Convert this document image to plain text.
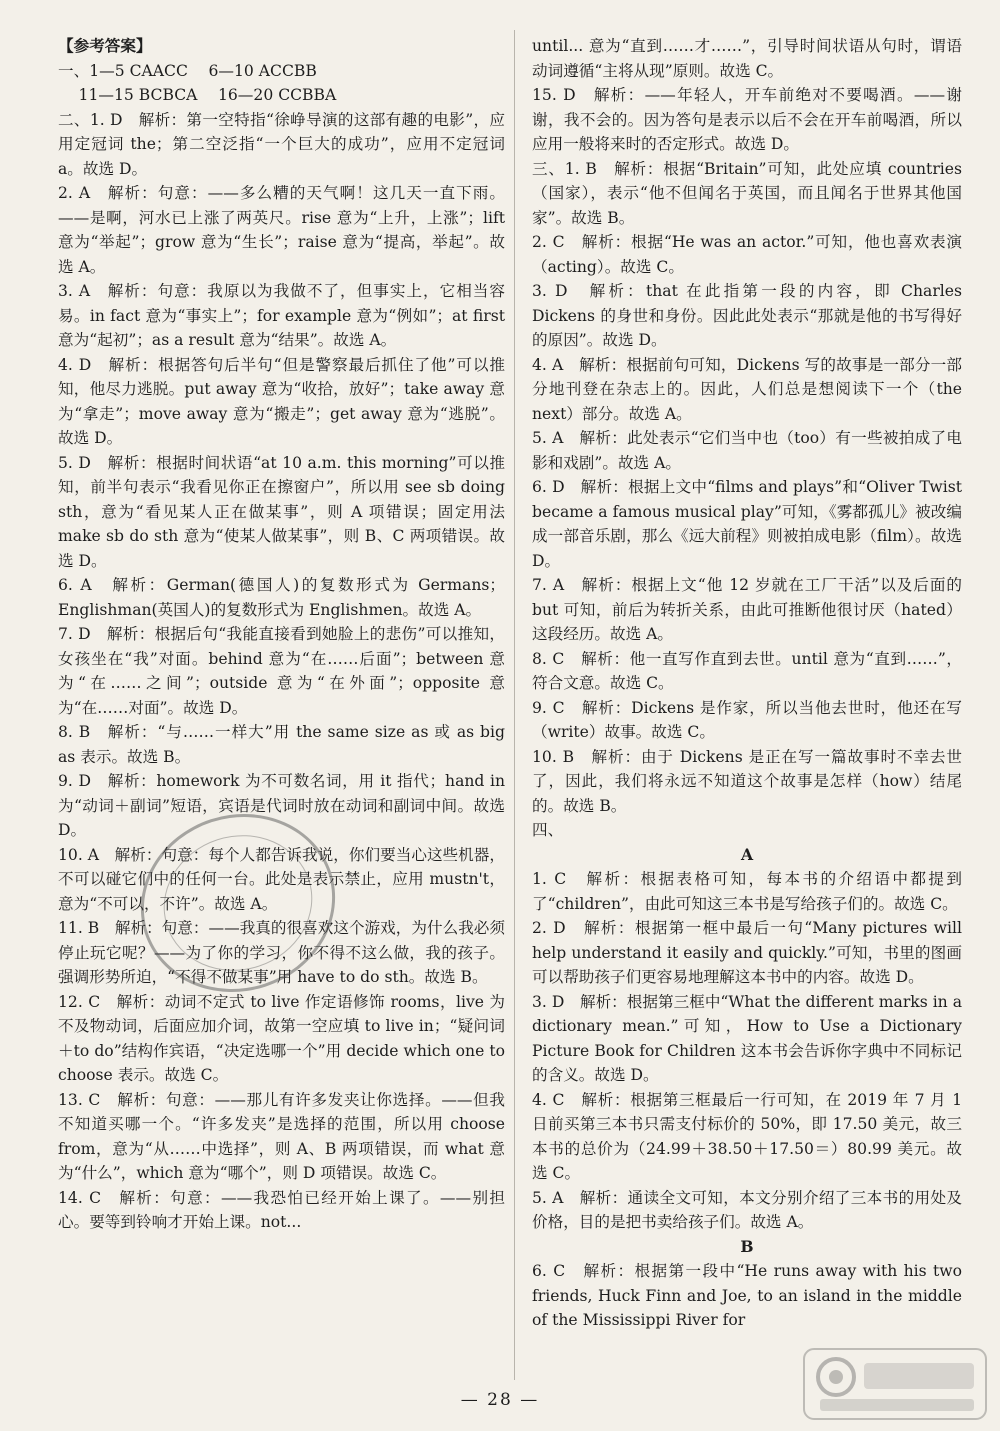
【参考答案】

一、1—5 CAACC　 6—10 ACCBB

　 11—15 BCBCA　 16—20 CCBBA

二、1. D　解析：第一空特指“徐峥导演的这部有趣的电影”，应用定冠词 the；第二空泛指“一个巨大的成功”，应用不定冠词 a。故选 D。

2. A　解析：句意：——多么糟的天气啊！这几天一直下雨。——是啊，河水已上涨了两英尺。rise 意为“上升，上涨”；lift 意为“举起”；grow 意为“生长”；raise 意为“提高，举起”。故选 A。

3. A　解析：句意：我原以为我做不了，但事实上，它相当容易。in fact 意为“事实上”；for example 意为“例如”；at first 意为“起初”；as a result 意为“结果”。故选 A。

4. D　解析：根据答句后半句“但是警察最后抓住了他”可以推知，他尽力逃脱。put away 意为“收拾，放好”；take away 意为“拿走”；move away 意为“搬走”；get away 意为“逃脱”。故选 D。

5. D　解析：根据时间状语“at 10 a.m. this morning”可以推知，前半句表示“我看见你正在擦窗户”，所以用 see sb doing sth，意为“看见某人正在做某事”，则 A 项错误；固定用法 make sb do sth 意为“使某人做某事”，则 B、C 两项错误。故选 D。

6. A　解析：German(德国人)的复数形式为 Germans；Englishman(英国人)的复数形式为 Englishmen。故选 A。

7. D　解析：根据后句“我能直接看到她脸上的悲伤”可以推知，女孩坐在“我”对面。behind 意为“在……后面”；between 意为“在……之间”；outside 意为“在外面”；opposite 意为“在……对面”。故选 D。

8. B　解析：“与……一样大”用 the same size as 或 as big as 表示。故选 B。

9. D　解析：homework 为不可数名词，用 it 指代；hand in 为“动词＋副词”短语，宾语是代词时放在动词和副词中间。故选 D。

10. A　解析：句意：每个人都告诉我说，你们要当心这些机器，不可以碰它们中的任何一台。此处是表示禁止，应用 mustn't，意为“不可以，不许”。故选 A。

11. B　解析：句意：——我真的很喜欢这个游戏，为什么我必须停止玩它呢？——为了你的学习，你不得不这么做，我的孩子。强调形势所迫，“不得不做某事”用 have to do sth。故选 B。

12. C　解析：动词不定式 to live 作定语修饰 rooms，live 为不及物动词，后面应加介词，故第一空应填 to live in；“疑问词＋to do”结构作宾语，“决定选哪一个”用 decide which one to choose 表示。故选 C。

13. C　解析：句意：——那儿有许多发夹让你选择。——但我不知道买哪一个。“许多发夹”是选择的范围，所以用 choose from，意为“从……中选择”，则 A、B 两项错误，而 what 意为“什么”，which 意为“哪个”，则 D 项错误。故选 C。

14. C　解析：句意：——我恐怕已经开始上课了。——别担心。要等到铃响才开始上课。not...

until... 意为“直到……才……”，引导时间状语从句时，谓语动词遵循“主将从现”原则。故选 C。

15. D　解析：——年轻人，开车前绝对不要喝酒。——谢谢，我不会的。因为答句是表示以后不会在开车前喝酒，所以应用一般将来时的否定形式。故选 D。

三、1. B　解析：根据“Britain”可知，此处应填 countries（国家），表示“他不但闻名于英国，而且闻名于世界其他国家”。故选 B。

2. C　解析：根据“He was an actor.”可知，他也喜欢表演（acting）。故选 C。

3. D　解析：that 在此指第一段的内容，即 Charles Dickens 的身世和身份。因此此处表示“那就是他的书写得好的原因”。故选 D。

4. A　解析：根据前句可知，Dickens 写的故事是一部分一部分地刊登在杂志上的。因此，人们总是想阅读下一个（the next）部分。故选 A。

5. A　解析：此处表示“它们当中也（too）有一些被拍成了电影和戏剧”。故选 A。

6. D　解析：根据上文中“films and plays”和“Oliver Twist became a famous musical play”可知，《雾都孤儿》被改编成一部音乐剧，那么《远大前程》则被拍成电影（film）。故选 D。

7. A　解析：根据上文“他 12 岁就在工厂干活”以及后面的 but 可知，前后为转折关系，由此可推断他很讨厌（hated）这段经历。故选 A。

8. C　解析：他一直写作直到去世。until 意为“直到……”，符合文意。故选 C。

9. C　解析：Dickens 是作家，所以当他去世时，他还在写（write）故事。故选 C。

10. B　解析：由于 Dickens 是正在写一篇故事时不幸去世了，因此，我们将永远不知道这个故事是怎样（how）结尾的。故选 B。

四、

A

1. C　解析：根据表格可知，每本书的介绍语中都提到了“children”，由此可知这三本书是写给孩子们的。故选 C。

2. D　解析：根据第一框中最后一句“Many pictures will help understand it easily and quickly.”可知，书里的图画可以帮助孩子们更容易地理解这本书中的内容。故选 D。

3. D　解析：根据第三框中“What the different marks in a dictionary mean.”可知，How to Use a Dictionary Picture Book for Children 这本书会告诉你字典中不同标记的含义。故选 D。

4. C　解析：根据第三框最后一行可知，在 2019 年 7 月 1 日前买第三本书只需支付标价的 50%，即 17.50 美元，故三本书的总价为（24.99＋38.50＋17.50＝）80.99 美元。故选 C。

5. A　解析：通读全文可知，本文分别介绍了三本书的用处及价格，目的是把书卖给孩子们。故选 A。

B

6. C　解析：根据第一段中“He runs away with his two friends, Huck Finn and Joe, to an island in the middle of the Mississippi River for

— 28 —
